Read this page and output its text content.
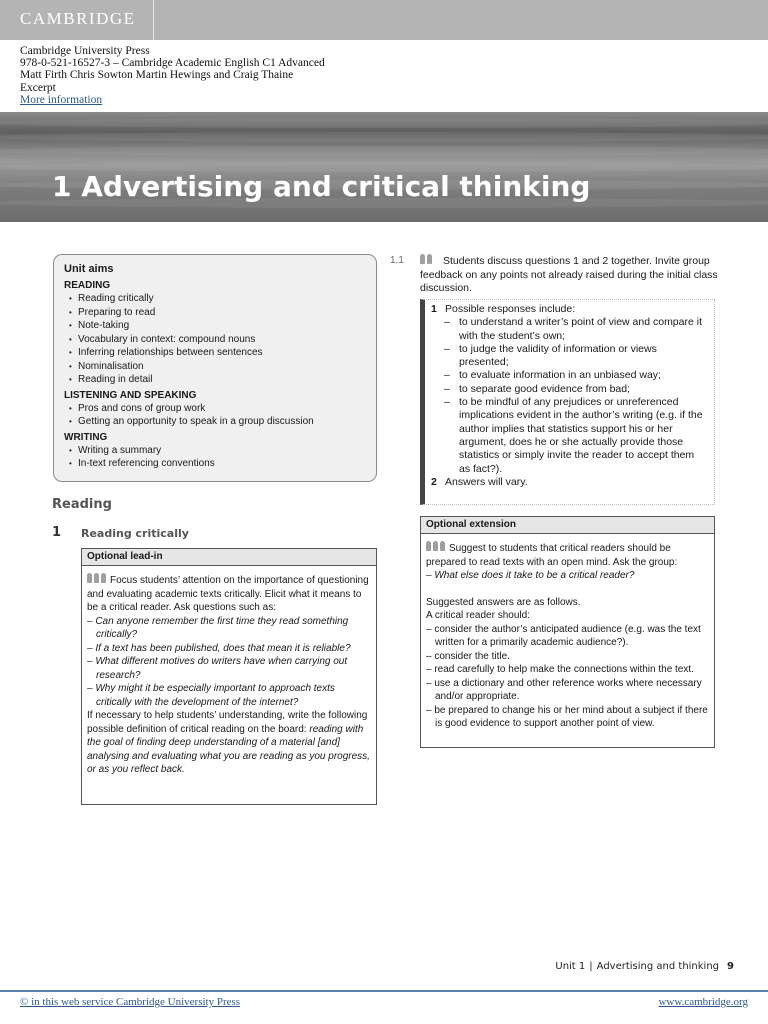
CAMBRIDGE
Cambridge University Press
978-0-521-16527-3 – Cambridge Academic English C1 Advanced
Matt Firth Chris Sowton Martin Hewings and Craig Thaine
Excerpt
More information
1 Advertising and critical thinking
Unit aims
READING
• Reading critically
• Preparing to read
• Note-taking
• Vocabulary in context: compound nouns
• Inferring relationships between sentences
• Nominalisation
• Reading in detail
LISTENING AND SPEAKING
• Pros and cons of group work
• Getting an opportunity to speak in a group discussion
WRITING
• Writing a summary
• In-text referencing conventions
Reading
1 Reading critically
Optional lead-in

Focus students’ attention on the importance of questioning and evaluating academic texts critically. Elicit what it means to be a critical reader. Ask questions such as:

– Can anyone remember the first time they read something critically?

– If a text has been published, does that mean it is reliable?

– What different motives do writers have when carrying out research?

– Why might it be especially important to approach texts critically with the development of the internet?

If necessary to help students’ understanding, write the following possible definition of critical reading on the board: reading with the goal of finding deep understanding of a material [and] analysing and evaluating what you are reading as you progress, or as you reflect back.

1.1	Students discuss questions 1 and 2 together. Invite group feedback on any points not already raised during the initial class discussion.
1 Possible responses include:
– to understand a writer’s point of view and compare it with the student’s own;
– to judge the validity of information or views presented;
– to evaluate information in an unbiased way;
– to separate good evidence from bad;
– to be mindful of any prejudices or unreferenced implications evident in the author’s writing (e.g. if the author implies that statistics support his or her argument, does he or she actually provide those statistics or simply invite the reader to accept them as fact?).
2 Answers will vary.
Optional extension

Suggest to students that critical readers should be prepared to read texts with an open mind. Ask the group:

– What else does it take to be a critical reader?

Suggested answers are as follows.

A critical reader should:

– consider the author’s anticipated audience (e.g. was the text written for a primarily academic audience?).

– consider the title.

– read carefully to help make the connections within the text.

– use a dictionary and other reference works where necessary and/or appropriate.

– be prepared to change his or her mind about a subject if there is good evidence to support another point of view.

Unit 1 | Advertising and thinking 9
© in this web service Cambridge University Press	www.cambridge.org
